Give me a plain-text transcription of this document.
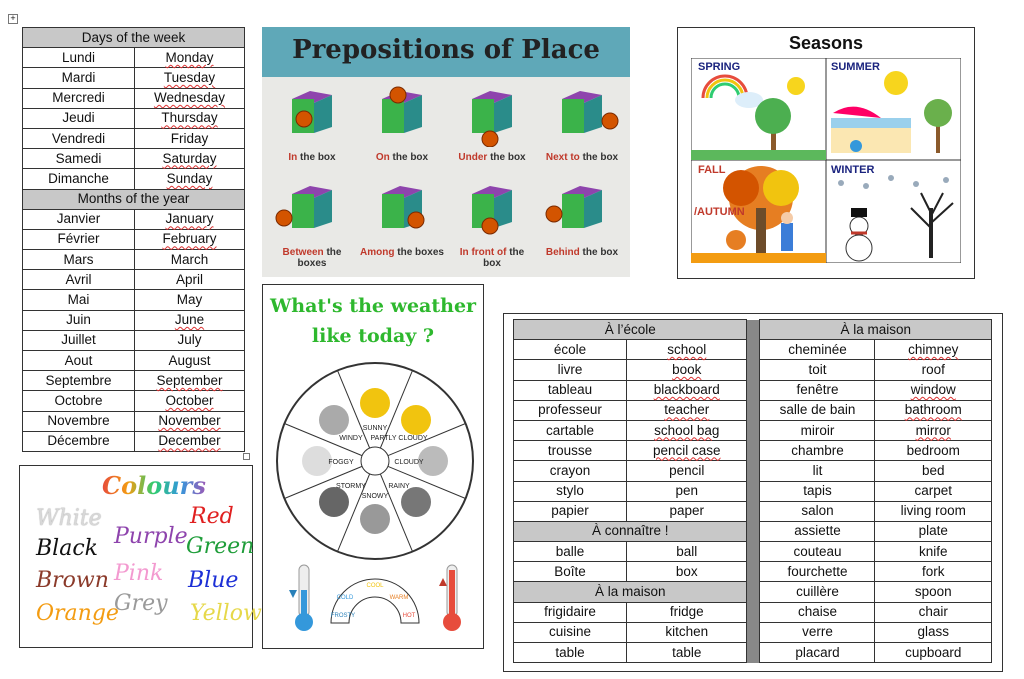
+
Days of the week	
Lundi	Monday
Mardi	Tuesday
Mercredi	Wednesday
Jeudi	Thursday
Vendredi	Friday
Samedi	Saturday
Dimanche	Sunday
Months of the year	
Janvier	January
Février	February
Mars	March
Avril	April
Mai	May
Juin	June
Juillet	July
Aout	August
Septembre	September
Octobre	October
Novembre	November
Décembre	December
Colours
White
Purple
Red
Black
Pink
Green
Brown
Grey
Blue
Orange	Yellow
Prepositions of Place
In the box	On the box	Under the box	Next to the box
Between the boxes
Among the boxes	In front of the box
Behind the box
Seasons
SPRING	SUMMER
FALL
/AUTUMN
WINTER
What's the weather
like today ?
SUNNY
PARTLY CLOUDY
CLOUDY
RAINY
SNOWY
STORMY
FOGGY
WINDY
COOL
WARM
HOT
COLD
FROSTY
À l’école			À la maison	
école	school		cheminée	chimney
livre	book		toit	roof
tableau	blackboard		fenêtre	window
professeur	teacher		salle de bain	bathroom
cartable	school bag		miroir	mirror
trousse	pencil case		chambre	bedroom
crayon	pencil		lit	bed
stylo	pen		tapis	carpet
papier	paper		salon	living room
À connaître !			assiette	plate
balle	ball		couteau	knife
Boîte	box		fourchette	fork
À la maison			cuillère	spoon
frigidaire	fridge		chaise	chair
cuisine	kitchen		verre	glass
table	table		placard	cupboard
